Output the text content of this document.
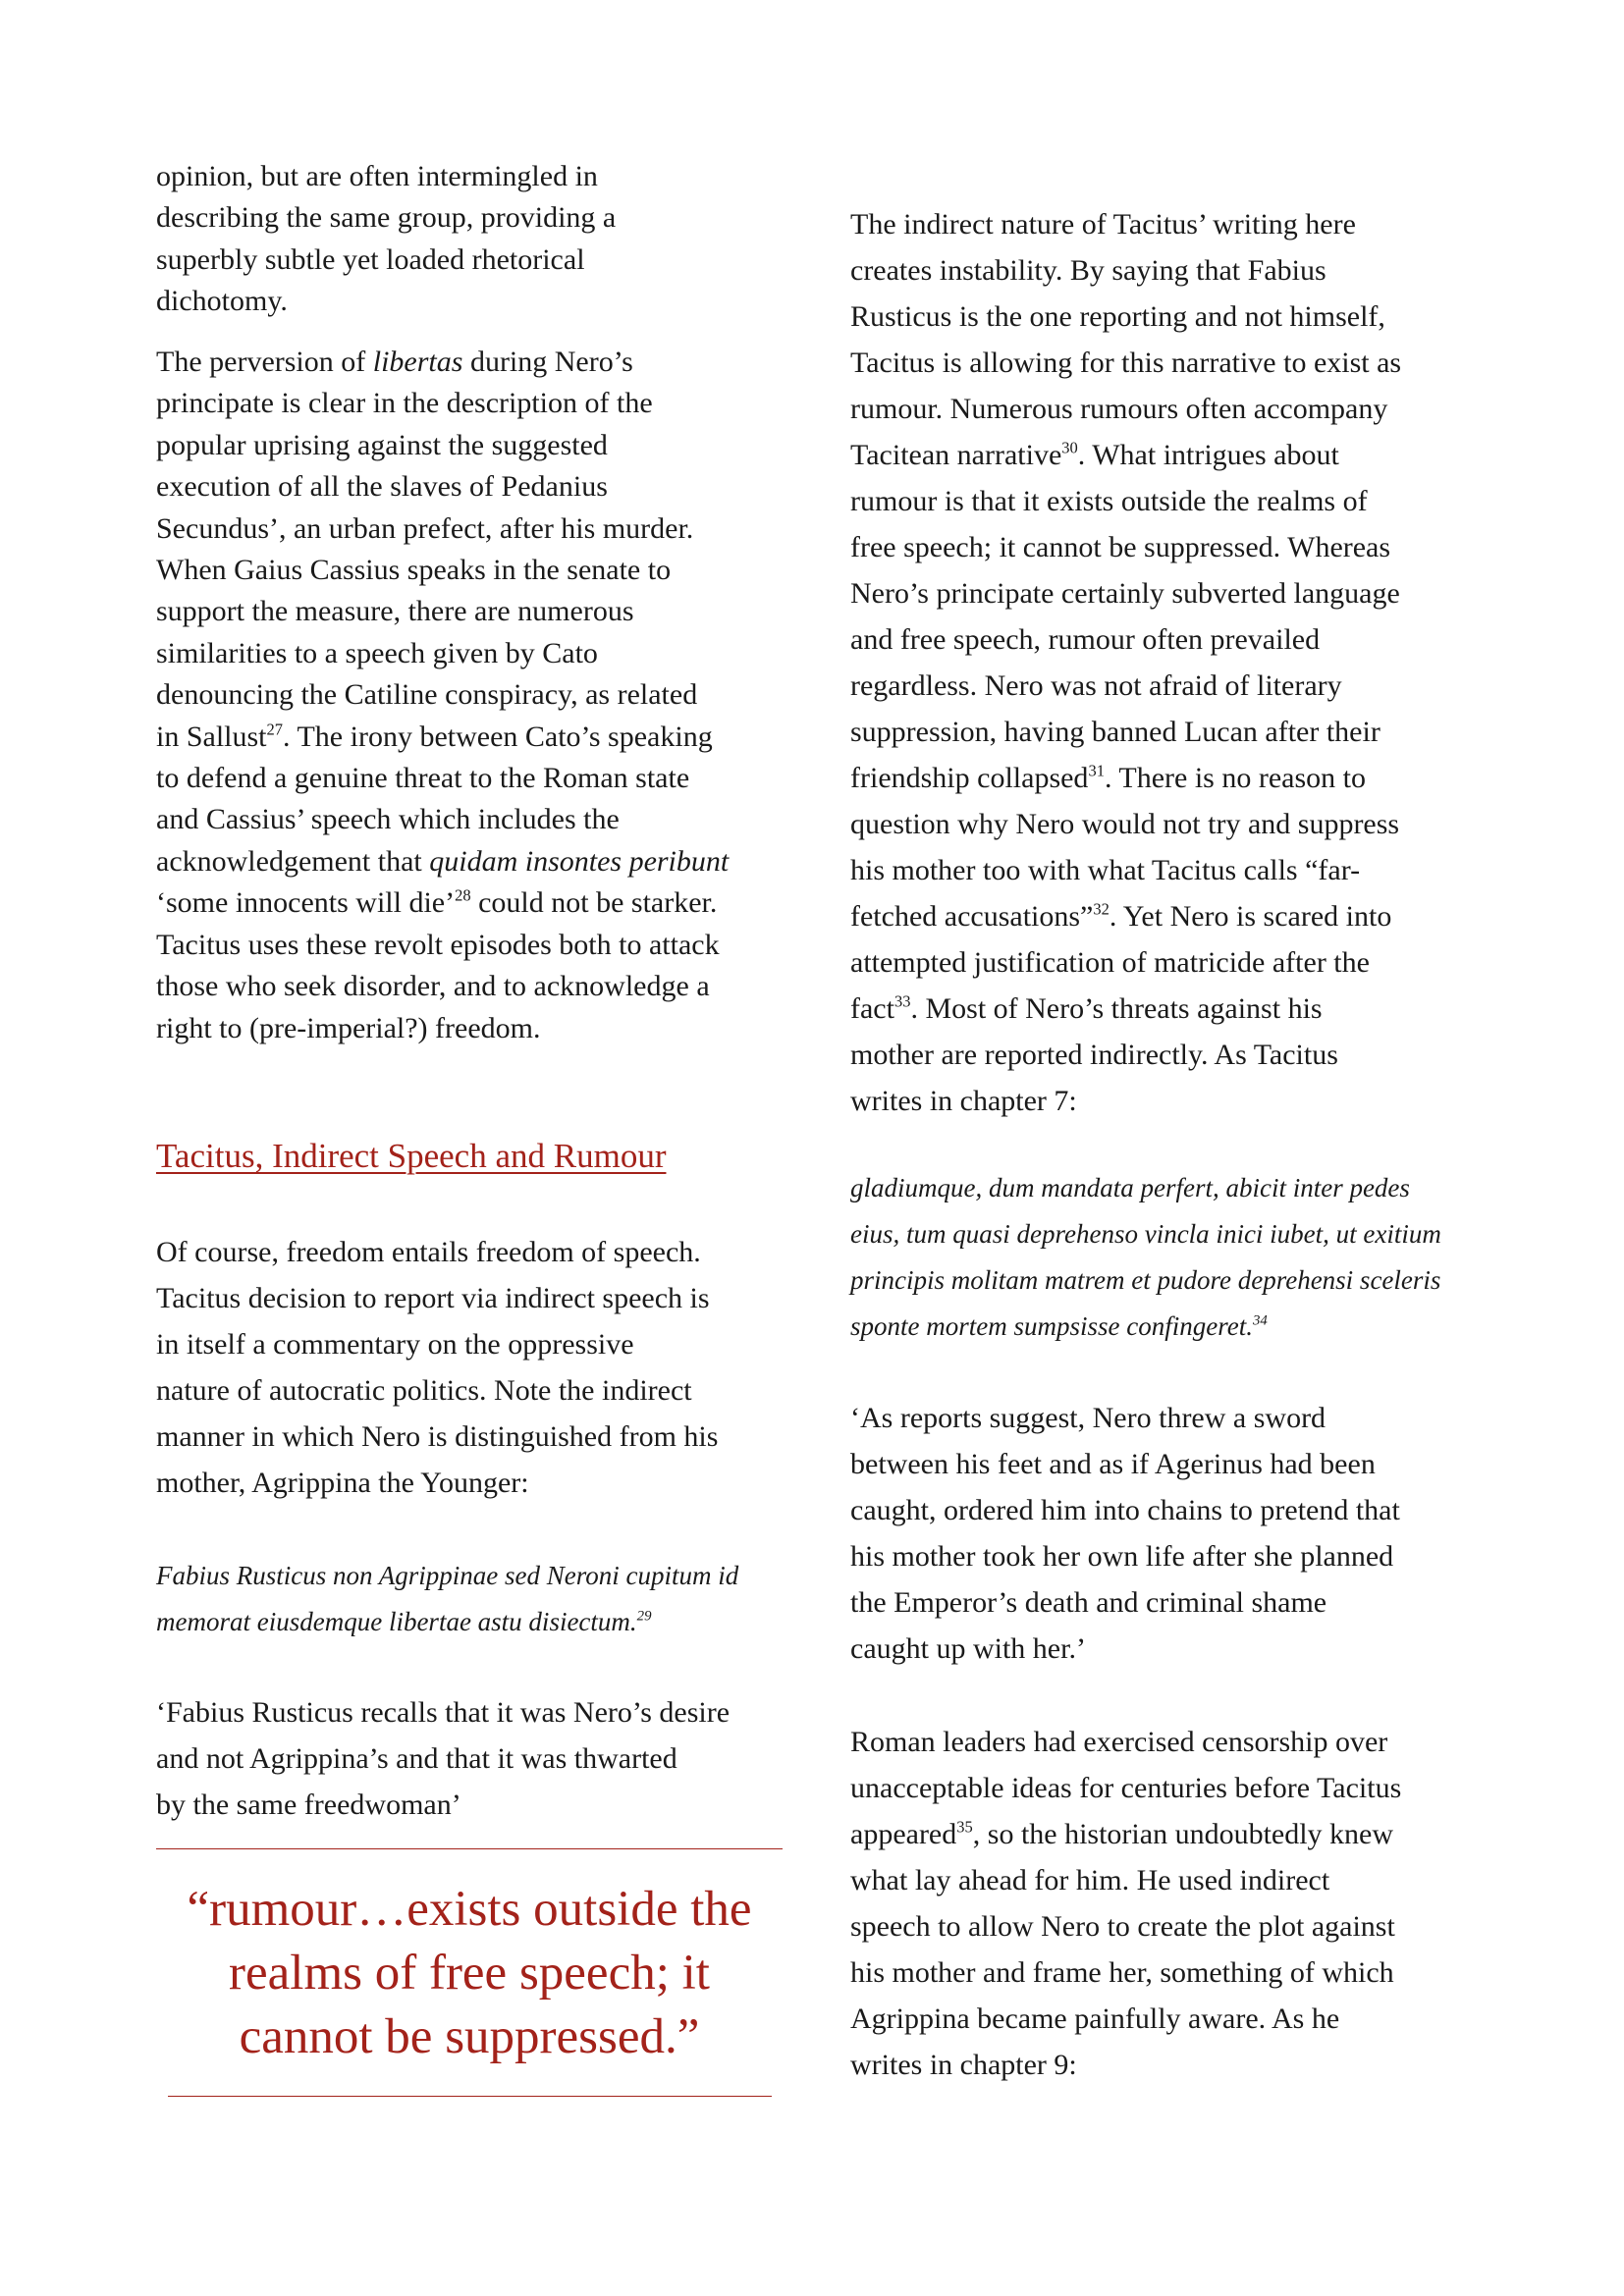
opinion, but are often intermingled in
describing the same group, providing a
superbly subtle yet loaded rhetorical
dichotomy.
The perversion of libertas during Nero’s
principate is clear in the description of the
popular uprising against the suggested
execution of all the slaves of Pedanius
Secundus’, an urban prefect, after his murder.
When Gaius Cassius speaks in the senate to
support the measure, there are numerous
similarities to a speech given by Cato
denouncing the Catiline conspiracy, as related
in Sallust$^{27}$. The irony between Cato’s speaking
to defend a genuine threat to the Roman state
and Cassius’ speech which includes the
acknowledgement that quidam insontes peribunt
‘some innocents will die’$^{28}$ could not be starker.
Tacitus uses these revolt episodes both to attack
those who seek disorder, and to acknowledge a
right to (pre-imperial?) freedom.
Tacitus, Indirect Speech and Rumour
Of course, freedom entails freedom of speech.
Tacitus decision to report via indirect speech is
in itself a commentary on the oppressive
nature of autocratic politics. Note the indirect
manner in which Nero is distinguished from his
mother, Agrippina the Younger:
Fabius Rusticus non Agrippinae sed Neroni cupitum id
memorat eiusdemque libertae astu disiectum.$^{29}$
‘Fabius Rusticus recalls that it was Nero’s desire
and not Agrippina’s and that it was thwarted
by the same freedwoman’
“rumour…exists outside the
realms of free speech; it
cannot be suppressed.”
The indirect nature of Tacitus’ writing here
creates instability. By saying that Fabius
Rusticus is the one reporting and not himself,
Tacitus is allowing for this narrative to exist as
rumour. Numerous rumours often accompany
Tacitean narrative$^{30}$. What intrigues about
rumour is that it exists outside the realms of
free speech; it cannot be suppressed. Whereas
Nero’s principate certainly subverted language
and free speech, rumour often prevailed
regardless. Nero was not afraid of literary
suppression, having banned Lucan after their
friendship collapsed$^{31}$. There is no reason to
question why Nero would not try and suppress
his mother too with what Tacitus calls “far-
fetched accusations”$^{32}$. Yet Nero is scared into
attempted justification of matricide after the
fact$^{33}$. Most of Nero’s threats against his
mother are reported indirectly. As Tacitus
writes in chapter 7:
gladiumque, dum mandata perfert, abicit inter pedes
eius, tum quasi deprehenso vincla inici iubet, ut exitium
principis molitam matrem et pudore deprehensi sceleris
sponte mortem sumpsisse confingeret.$^{34}$
‘As reports suggest, Nero threw a sword
between his feet and as if Agerinus had been
caught, ordered him into chains to pretend that
his mother took her own life after she planned
the Emperor’s death and criminal shame
caught up with her.’
Roman leaders had exercised censorship over
unacceptable ideas for centuries before Tacitus
appeared$^{35}$, so the historian undoubtedly knew
what lay ahead for him. He used indirect
speech to allow Nero to create the plot against
his mother and frame her, something of which
Agrippina became painfully aware. As he
writes in chapter 9:
